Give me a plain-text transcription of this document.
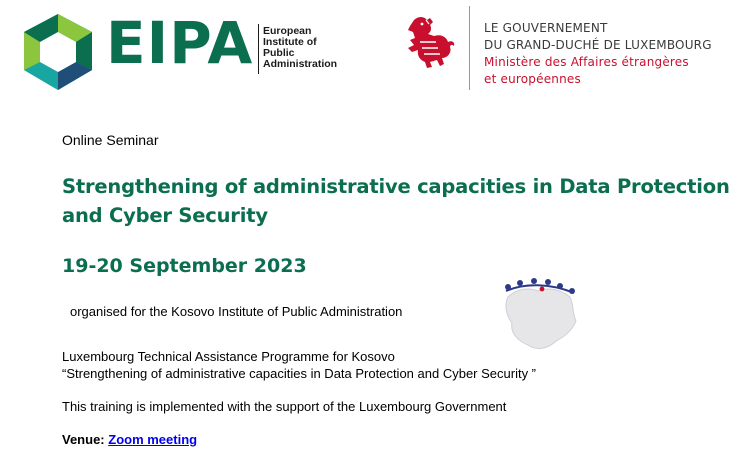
EIPA European
Institute of
Public
Administration
LE GOUVERNEMENT
DU GRAND-DUCHÉ DE LUXEMBOURG
Ministère des Affaires étrangères
et européennes
Online Seminar
Strengthening of administrative capacities in Data Protection and Cyber Security
19-20 September 2023
organised for the Kosovo Institute of Public Administration
Luxembourg Technical Assistance Programme for Kosovo
“Strengthening of administrative capacities in Data Protection and Cyber Security ”
This training is implemented with the support of the Luxembourg Government
Venue: Zoom meeting
